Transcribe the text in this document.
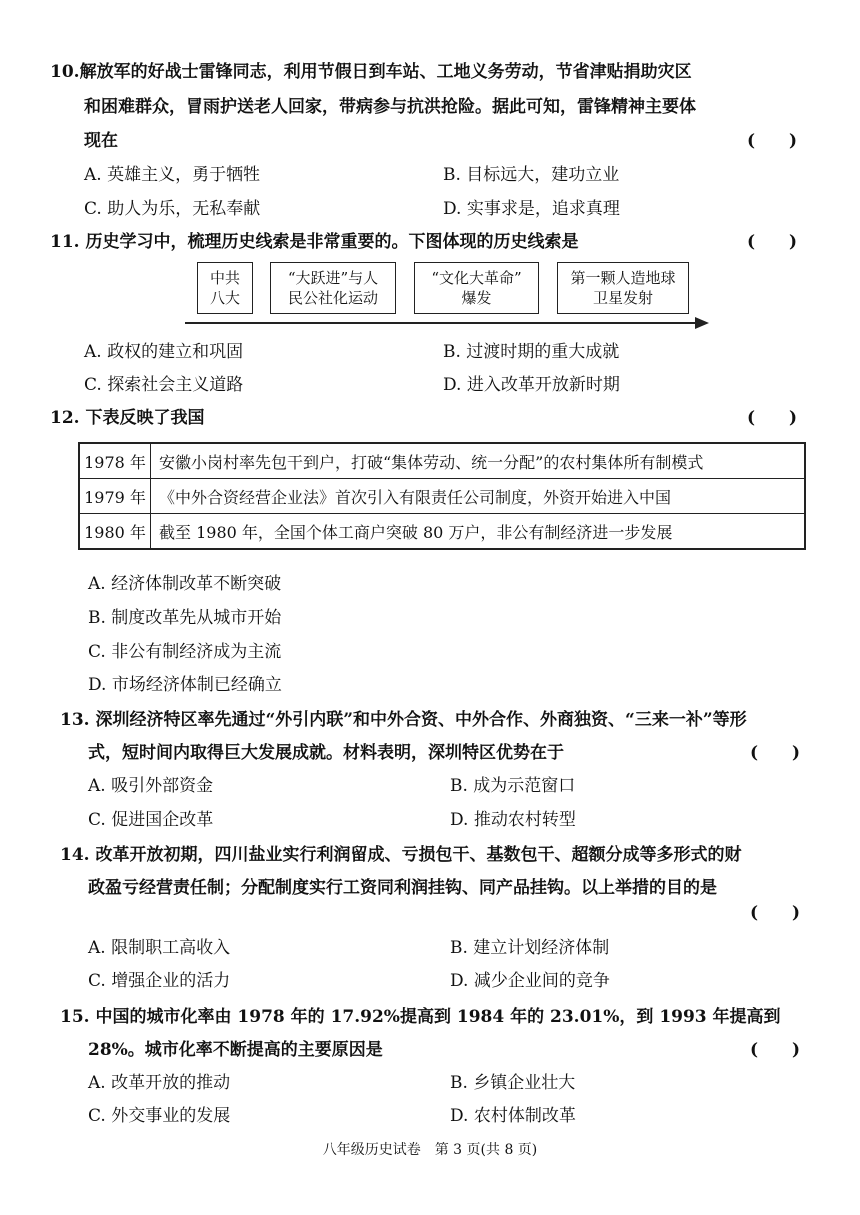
10.解放军的好战士雷锋同志，利用节假日到车站、工地义务劳动，节省津贴捐助灾区
和困难群众，冒雨护送老人回家，带病参与抗洪抢险。据此可知，雷锋精神主要体
现在	(　　)
A. 英雄主义，勇于牺牲	B. 目标远大，建功立业
C. 助人为乐，无私奉献	D. 实事求是，追求真理
11. 历史学习中，梳理历史线索是非常重要的。下图体现的历史线索是	(　　)
中共
八大
“大跃进”与人
民公社化运动
“文化大革命”
爆发
第一颗人造地球
卫星发射
A. 政权的建立和巩固	B. 过渡时期的重大成就
C. 探索社会主义道路	D. 进入改革开放新时期
12. 下表反映了我国	(　　)
1978 年	安徽小岗村率先包干到户，打破“集体劳动、统一分配”的农村集体所有制模式
1979 年	《中外合资经营企业法》首次引入有限责任公司制度，外资开始进入中国
1980 年	截至 1980 年，全国个体工商户突破 80 万户，非公有制经济进一步发展
A. 经济体制改革不断突破
B. 制度改革先从城市开始
C. 非公有制经济成为主流
D. 市场经济体制已经确立
13. 深圳经济特区率先通过“外引内联”和中外合资、中外合作、外商独资、“三来一补”等形
式，短时间内取得巨大发展成就。材料表明，深圳特区优势在于	(　　)
A. 吸引外部资金	B. 成为示范窗口
C. 促进国企改革	D. 推动农村转型
14. 改革开放初期，四川盐业实行利润留成、亏损包干、基数包干、超额分成等多形式的财
政盈亏经营责任制；分配制度实行工资同利润挂钩、同产品挂钩。以上举措的目的是
(　　)
A. 限制职工高收入	B. 建立计划经济体制
C. 增强企业的活力	D. 减少企业间的竞争
15. 中国的城市化率由 1978 年的 17.92%提高到 1984 年的 23.01%，到 1993 年提高到
28%。城市化率不断提高的主要原因是	(　　)
A. 改革开放的推动	B. 乡镇企业壮大
C. 外交事业的发展	D. 农村体制改革
八年级历史试卷　第 3 页(共 8 页)
